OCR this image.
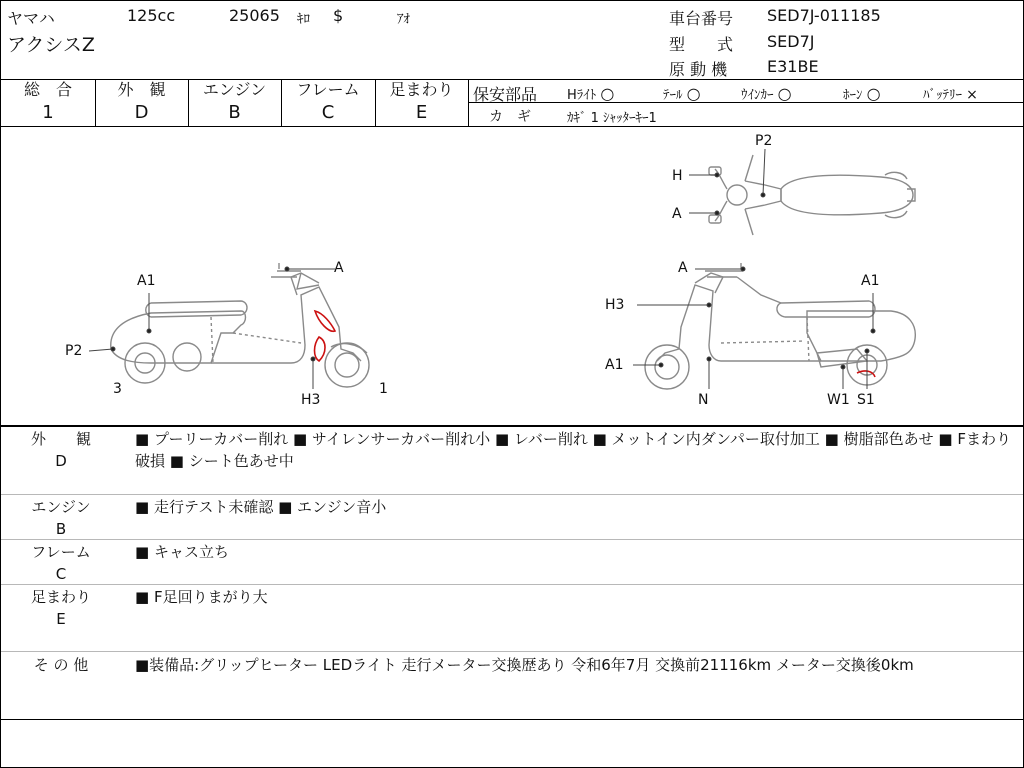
ヤマハ	125cc	25065 ｷﾛ $	ｱｵ
アクシスZ
車台番号 SED7J-011185
型　　式 SED7J
原 動 機 E31BE
総　合
1
外　観
D
エンジン
B
フレーム
C
足まわり
E
保安部品 Hﾗｲﾄ ○	ﾃｰﾙ ○	ｳｲﾝｶｰ ○	ﾎｰﾝ ○	ﾊﾞｯﾃﾘｰ ×
カ　ギ	ｶｷﾞ 1 ｼｬｯﾀｰｷｰ1
A1
A
P2
3
H3
1
P2
H
A
A
A1
H3
A1
N	W1 S1
外　　観
D
■ プーリーカバー削れ ■ サイレンサーカバー削れ小 ■ レバー削れ ■ メットイン内ダンパー取付加工 ■ 樹脂部色あせ ■ Fまわり破損 ■ シート色あせ中
エンジン
B
■ 走行テスト未確認 ■ エンジン音小
フレーム
C
■ キャス立ち
足まわり
E
■ F足回りまがり大
そ の 他	■装備品:グリップヒーター LEDライト 走行メーター交換歴あり 令和6年7月 交換前21116km メーター交換後0km
